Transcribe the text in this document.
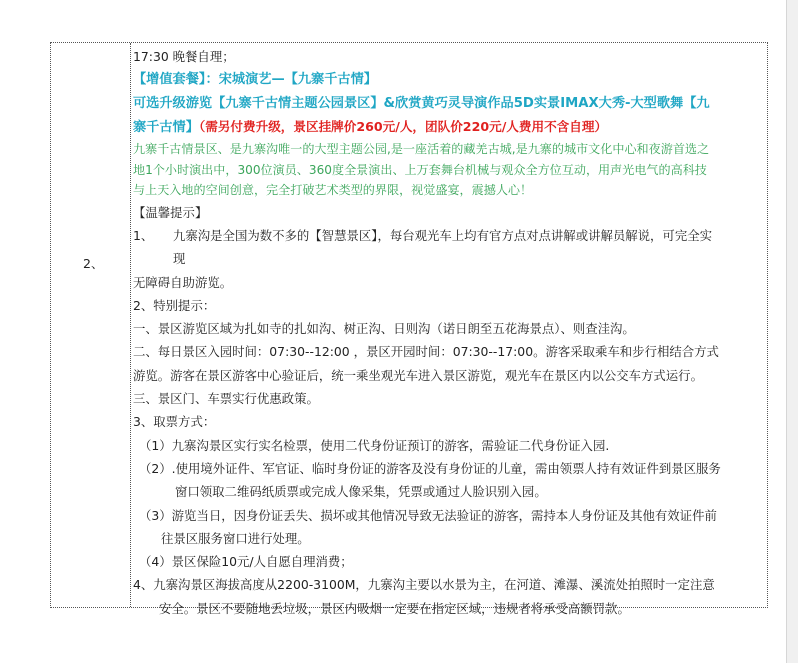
2、
17:30 晚餐自理；
【增值套餐】：宋城演艺—【九寨千古情】
可选升级游览【九寨千古情主题公园景区】&欣赏黄巧灵导演作品5D实景IMAX大秀-大型歌舞【九
寨千古情】（需另付费升级，景区挂牌价260元/人，团队价220元/人费用不含自理）
九寨千古情景区、是九寨沟唯一的大型主题公园,是一座活着的藏羌古城,是九寨的城市文化中心和夜游首选之
地1个小时演出中，300位演员、360度全景演出、上万套舞台机械与观众全方位互动，用声光电气的高科技
与上天入地的空间创意，完全打破艺术类型的界限，视觉盛宴，震撼人心！
【温馨提示】
1、 九寨沟是全国为数不多的【智慧景区】，每台观光车上均有官方点对点讲解或讲解员解说，可完全实
现
无障碍自助游览。
2、特别提示：
一、景区游览区域为扎如寺的扎如沟、树正沟、日则沟（诺日朗至五花海景点）、则查洼沟。
二、每日景区入园时间：07:30--12:00 ，景区开园时间：07:30--17:00。游客采取乘车和步行相结合方式
游览。游客在景区游客中心验证后，统一乘坐观光车进入景区游览，观光车在景区内以公交车方式运行。
三、景区门、车票实行优惠政策。
3、取票方式：
（1）九寨沟景区实行实名检票，使用二代身份证预订的游客，需验证二代身份证入园.
（2）.使用境外证件、军官证、临时身份证的游客及没有身份证的儿童，需由领票人持有效证件到景区服务
窗口领取二维码纸质票或完成人像采集，凭票或通过人脸识别入园。
（3）游览当日，因身份证丢失、损坏或其他情况导致无法验证的游客，需持本人身份证及其他有效证件前
往景区服务窗口进行处理。
（4）景区保险10元/人自愿自理消费；
4、九寨沟景区海拔高度从2200-3100M，九寨沟主要以水景为主，在河道、滩瀑、溪流处拍照时一定注意
安全。景区不要随地丢垃圾，景区内吸烟一定要在指定区域，违规者将承受高额罚款。
